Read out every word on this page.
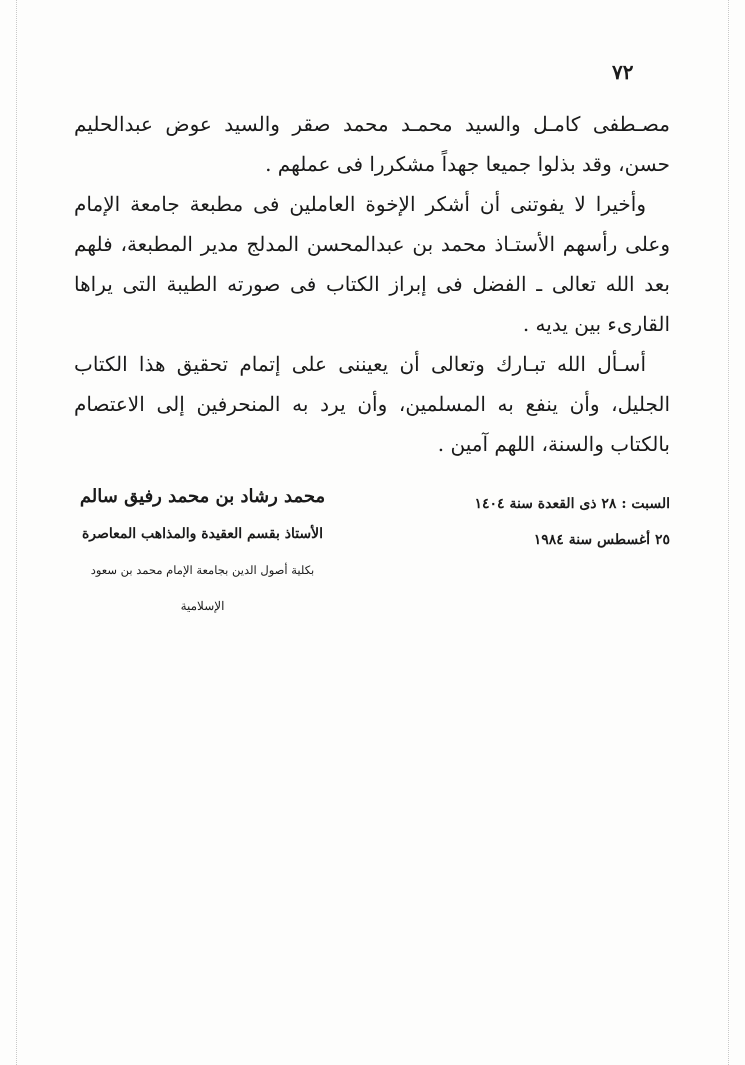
٧٢

مصـطفى كامـل والسيد محمـد محمد صقر والسيد عوض عبدالحليم حسن، وقد بذلوا جميعا جهداً مشكررا فى عملهم .

وأخيرا لا يفوتنى أن أشكر الإخوة العاملين فى مطبعة جامعة الإمام وعلى رأسهم الأستـاذ محمد بن عبدالمحسن المدلج مدير المطبعة، فلهم بعد الله تعالى ـ الفضل فى إبراز الكتاب فى صورته الطيبة التى يراها القارىء بين يديه .

أسـأل الله تبـارك وتعالى أن يعيننى على إتمام تحقيق هذا الكتاب الجليل، وأن ينفع به المسلمين، وأن يرد به المنحرفين إلى الاعتصام بالكتاب والسنة، اللهم آمين .

السبت : ٢٨ ذى القعدة سنة ١٤٠٤
٢٥ أغسطس سنة ١٩٨٤
محمد رشاد بن محمد رفيق سالم
الأستاذ بقسم العقيدة والمذاهب المعاصرة
بكلية أصول الدين بجامعة الإمام محمد بن سعود
الإسلامية
